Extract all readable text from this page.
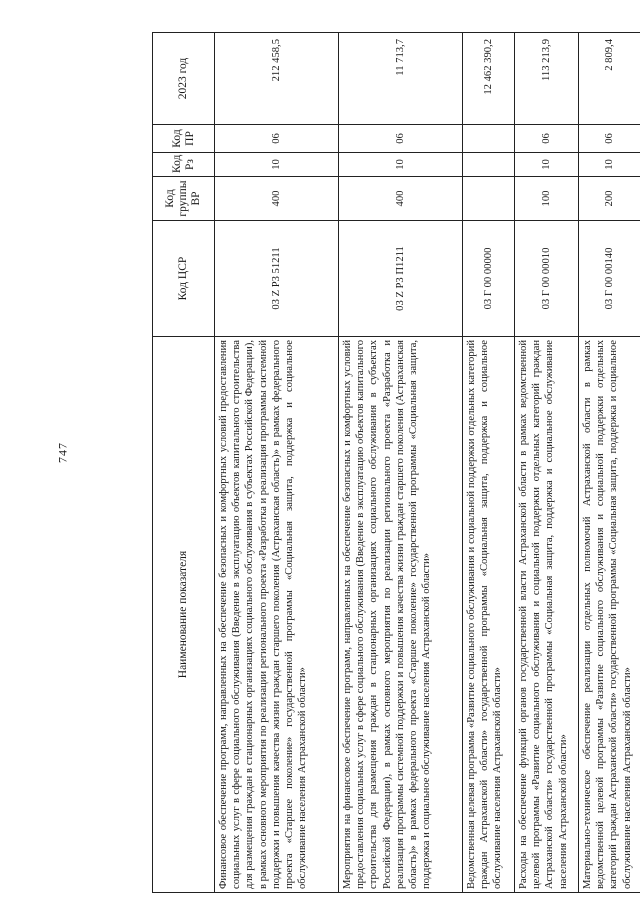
747
Наименование показателя	Код ЦСР	Код группы ВР	Код Рз	Код ПР	2023 год
Финансовое обеспечение программ, направленных на обеспечение безопасных и комфортных условий предоставления социальных услуг в сфере социального обслуживания (Введение в эксплуатацию объектов капитального строительства для размещения граждан в стационарных организациях социального обслуживания в субъектах Российской Федерации), в рамках основного мероприятия по реализации регионального проекта «Разработка и реализация программы системной поддержки и повышения качества жизни граждан старшего поколения (Астраханская область)» в рамках федерального проекта «Старшее поколение» государственной программы «Социальная защита, поддержка и социальное обслуживание населения Астраханской области»	03 Z P3 51211	400	10	06	212 458,5
Мероприятия на финансовое обеспечение программ, направленных на обеспечение безопасных и комфортных условий предоставления социальных услуг в сфере социального обслуживания (Введение в эксплуатацию объектов капитального строительства для размещения граждан в стационарных организациях социального обслуживания в субъектах Российской Федерации), в рамках основного мероприятия по реализации регионального проекта «Разработка и реализация программы системной поддержки и повышения качества жизни граждан старшего поколения (Астраханская область)» в рамках федерального проекта «Старшее поколение» государственной программы «Социальная защита, поддержка и социальное обслуживание населения Астраханской области»	03 Z P3 П1211	400	10	06	11 713,7
Ведомственная целевая программа «Развитие социального обслуживания и социальной поддержки отдельных категорий граждан Астраханской области» государственной программы «Социальная защита, поддержка и социальное обслуживание населения Астраханской области»	03 Г 00 00000				12 462 390,2
Расходы на обеспечение функций органов государственной власти Астраханской области в рамках ведомственной целевой программы «Развитие социального обслуживания и социальной поддержки отдельных категорий граждан Астраханской области» государственной программы «Социальная защита, поддержка и социальное обслуживание населения Астраханской области»	03 Г 00 00010	100	10	06	113 213,9
Материально-техническое обеспечение реализации отдельных полномочий Астраханской области в рамках ведомственной целевой программы «Развитие социального обслуживания и социальной поддержки отдельных категорий граждан Астраханской области» государственной программы «Социальная защита, поддержка и социальное обслуживание населения Астраханской области»	03 Г 00 00140	200	10	06	2 809,4
